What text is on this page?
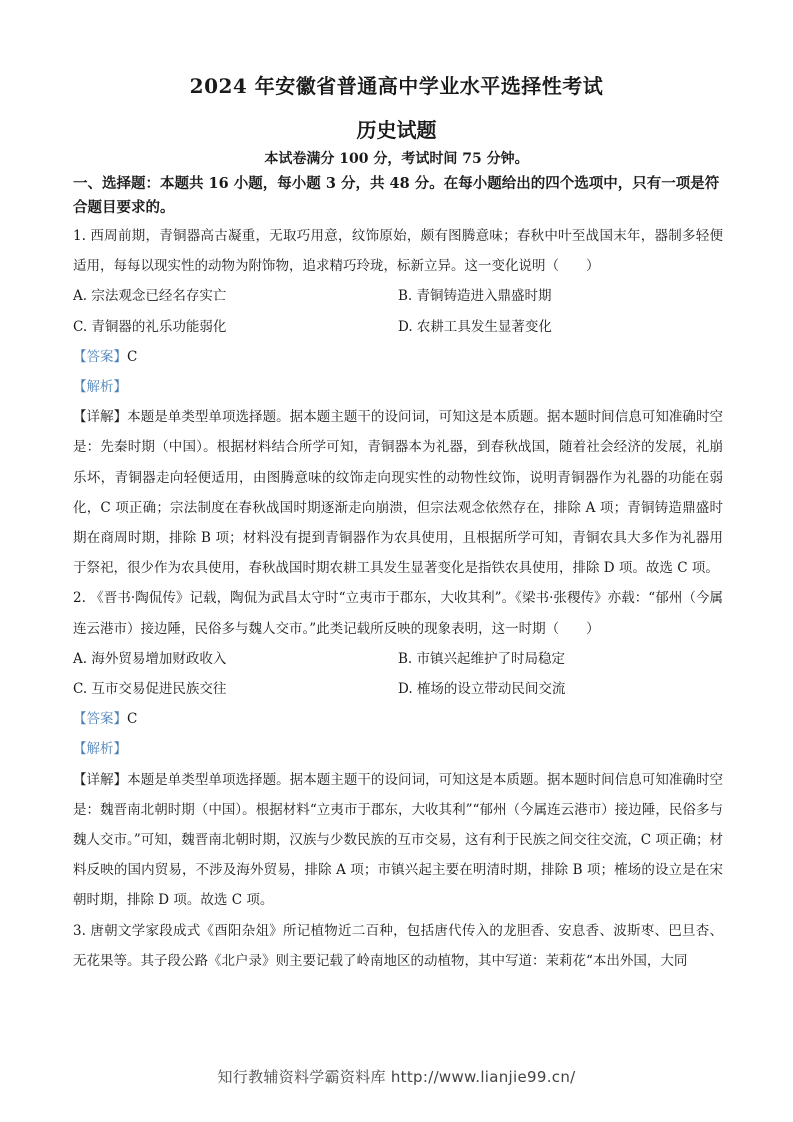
2024 年安徽省普通高中学业水平选择性考试
历史试题
本试卷满分 100 分，考试时间 75 分钟。
一、选择题：本题共 16 小题，每小题 3 分，共 48 分。在每小题给出的四个选项中，只有一项是符合题目要求的。

1. 西周前期，青铜器高古凝重，无取巧用意，纹饰原始，颇有图腾意味；春秋中叶至战国末年，器制多轻便适用，每每以现实性的动物为附饰物，追求精巧玲珑，标新立异。这一变化说明（　　）

A. 宗法观念已经名存实亡	B. 青铜铸造进入鼎盛时期
C. 青铜器的礼乐功能弱化	D. 农耕工具发生显著变化

【答案】C

【解析】

【详解】本题是单类型单项选择题。据本题主题干的设问词，可知这是本质题。据本题时间信息可知准确时空是：先秦时期（中国）。根据材料结合所学可知，青铜器本为礼器，到春秋战国，随着社会经济的发展，礼崩乐坏，青铜器走向轻便适用，由图腾意味的纹饰走向现实性的动物性纹饰，说明青铜器作为礼器的功能在弱化，C 项正确；宗法制度在春秋战国时期逐渐走向崩溃，但宗法观念依然存在，排除 A 项；青铜铸造鼎盛时期在商周时期，排除 B 项；材料没有提到青铜器作为农具使用，且根据所学可知，青铜农具大多作为礼器用于祭祀，很少作为农具使用，春秋战国时期农耕工具发生显著变化是指铁农具使用，排除 D 项。故选 C 项。

2. 《晋书·陶侃传》记载，陶侃为武昌太守时“立夷市于郡东，大收其利”。《梁书·张稷传》亦载：“郁州（今属连云港市）接边陲，民俗多与魏人交市。”此类记载所反映的现象表明，这一时期（　　）

A. 海外贸易增加财政收入	B. 市镇兴起维护了时局稳定
C. 互市交易促进民族交往	D. 榷场的设立带动民间交流

【答案】C

【解析】

【详解】本题是单类型单项选择题。据本题主题干的设问词，可知这是本质题。据本题时间信息可知准确时空是：魏晋南北朝时期（中国）。根据材料“立夷市于郡东，大收其利”“郁州（今属连云港市）接边陲，民俗多与魏人交市。”可知，魏晋南北朝时期，汉族与少数民族的互市交易，这有利于民族之间交往交流，C 项正确；材料反映的国内贸易，不涉及海外贸易，排除 A 项；市镇兴起主要在明清时期，排除 B 项；榷场的设立是在宋朝时期，排除 D 项。故选 C 项。

3. 唐朝文学家段成式《酉阳杂俎》所记植物近二百种，包括唐代传入的龙胆香、安息香、波斯枣、巴旦杏、无花果等。其子段公路《北户录》则主要记载了岭南地区的动植物，其中写道：茉莉花“本出外国，大同

知行教辅资料学霸资料库 http://www.lianjie99.cn/
